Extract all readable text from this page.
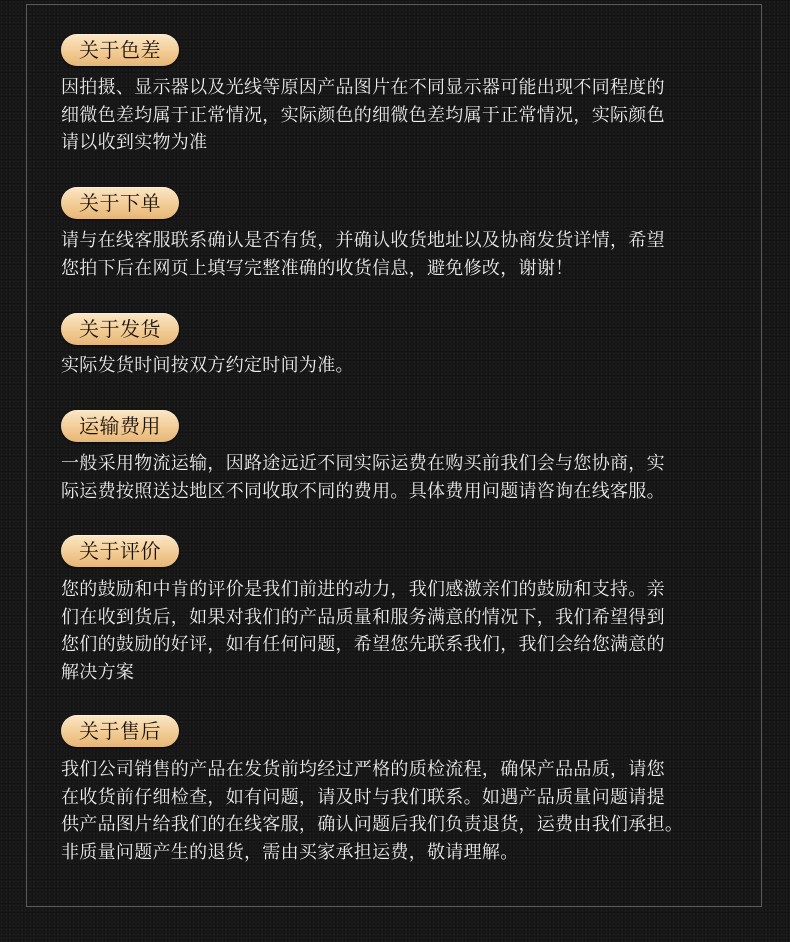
关于色差
因拍摄、显示器以及光线等原因产品图片在不同显示器可能出现不同程度的
细微色差均属于正常情况，实际颜色的细微色差均属于正常情况，实际颜色
请以收到实物为准
关于下单
请与在线客服联系确认是否有货，并确认收货地址以及协商发货详情，希望
您拍下后在网页上填写完整准确的收货信息，避免修改，谢谢！
关于发货
实际发货时间按双方约定时间为准。
运输费用
一般采用物流运输，因路途远近不同实际运费在购买前我们会与您协商，实
际运费按照送达地区不同收取不同的费用。具体费用问题请咨询在线客服。
关于评价
您的鼓励和中肯的评价是我们前进的动力，我们感激亲们的鼓励和支持。亲
们在收到货后，如果对我们的产品质量和服务满意的情况下，我们希望得到
您们的鼓励的好评，如有任何问题，希望您先联系我们，我们会给您满意的
解决方案
关于售后
我们公司销售的产品在发货前均经过严格的质检流程，确保产品品质，请您
在收货前仔细检查，如有问题，请及时与我们联系。如遇产品质量问题请提
供产品图片给我们的在线客服，确认问题后我们负责退货，运费由我们承担。
非质量问题产生的退货，需由买家承担运费，敬请理解。
